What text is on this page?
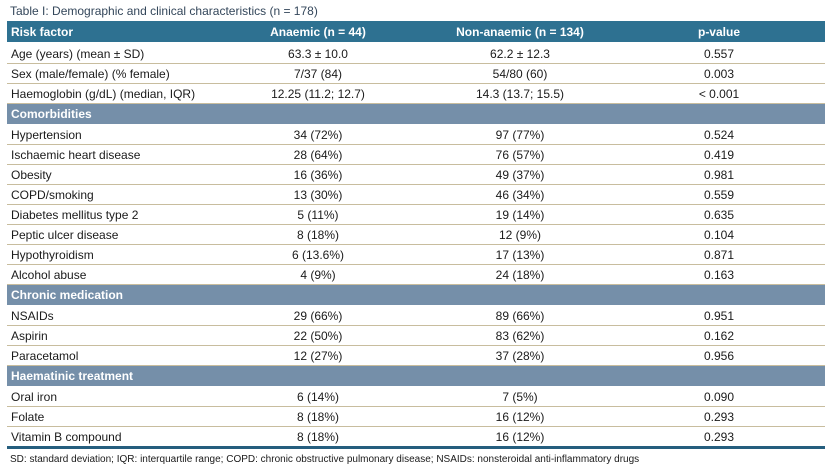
Table I: Demographic and clinical characteristics (n = 178)
Risk factor	Anaemic (n = 44)	Non-anaemic (n = 134)	p-value
Age (years) (mean ± SD)	63.3 ± 10.0	62.2 ± 12.3	0.557
Sex (male/female) (% female)	7/37 (84)	54/80 (60)	0.003
Haemoglobin (g/dL) (median, IQR)	12.25 (11.2; 12.7)	14.3 (13.7; 15.5)	< 0.001
Comorbidities			
Hypertension	34 (72%)	97 (77%)	0.524
Ischaemic heart disease	28 (64%)	76 (57%)	0.419
Obesity	16 (36%)	49 (37%)	0.981
COPD/smoking	13 (30%)	46 (34%)	0.559
Diabetes mellitus type 2	5 (11%)	19 (14%)	0.635
Peptic ulcer disease	8 (18%)	12 (9%)	0.104
Hypothyroidism	6 (13.6%)	17 (13%)	0.871
Alcohol abuse	4 (9%)	24 (18%)	0.163
Chronic medication			
NSAIDs	29 (66%)	89 (66%)	0.951
Aspirin	22 (50%)	83 (62%)	0.162
Paracetamol	12 (27%)	37 (28%)	0.956
Haematinic treatment			
Oral iron	6 (14%)	7 (5%)	0.090
Folate	8 (18%)	16 (12%)	0.293
Vitamin B compound	8 (18%)	16 (12%)	0.293
SD: standard deviation; IQR: interquartile range; COPD: chronic obstructive pulmonary disease; NSAIDs: nonsteroidal anti-inflammatory drugs
